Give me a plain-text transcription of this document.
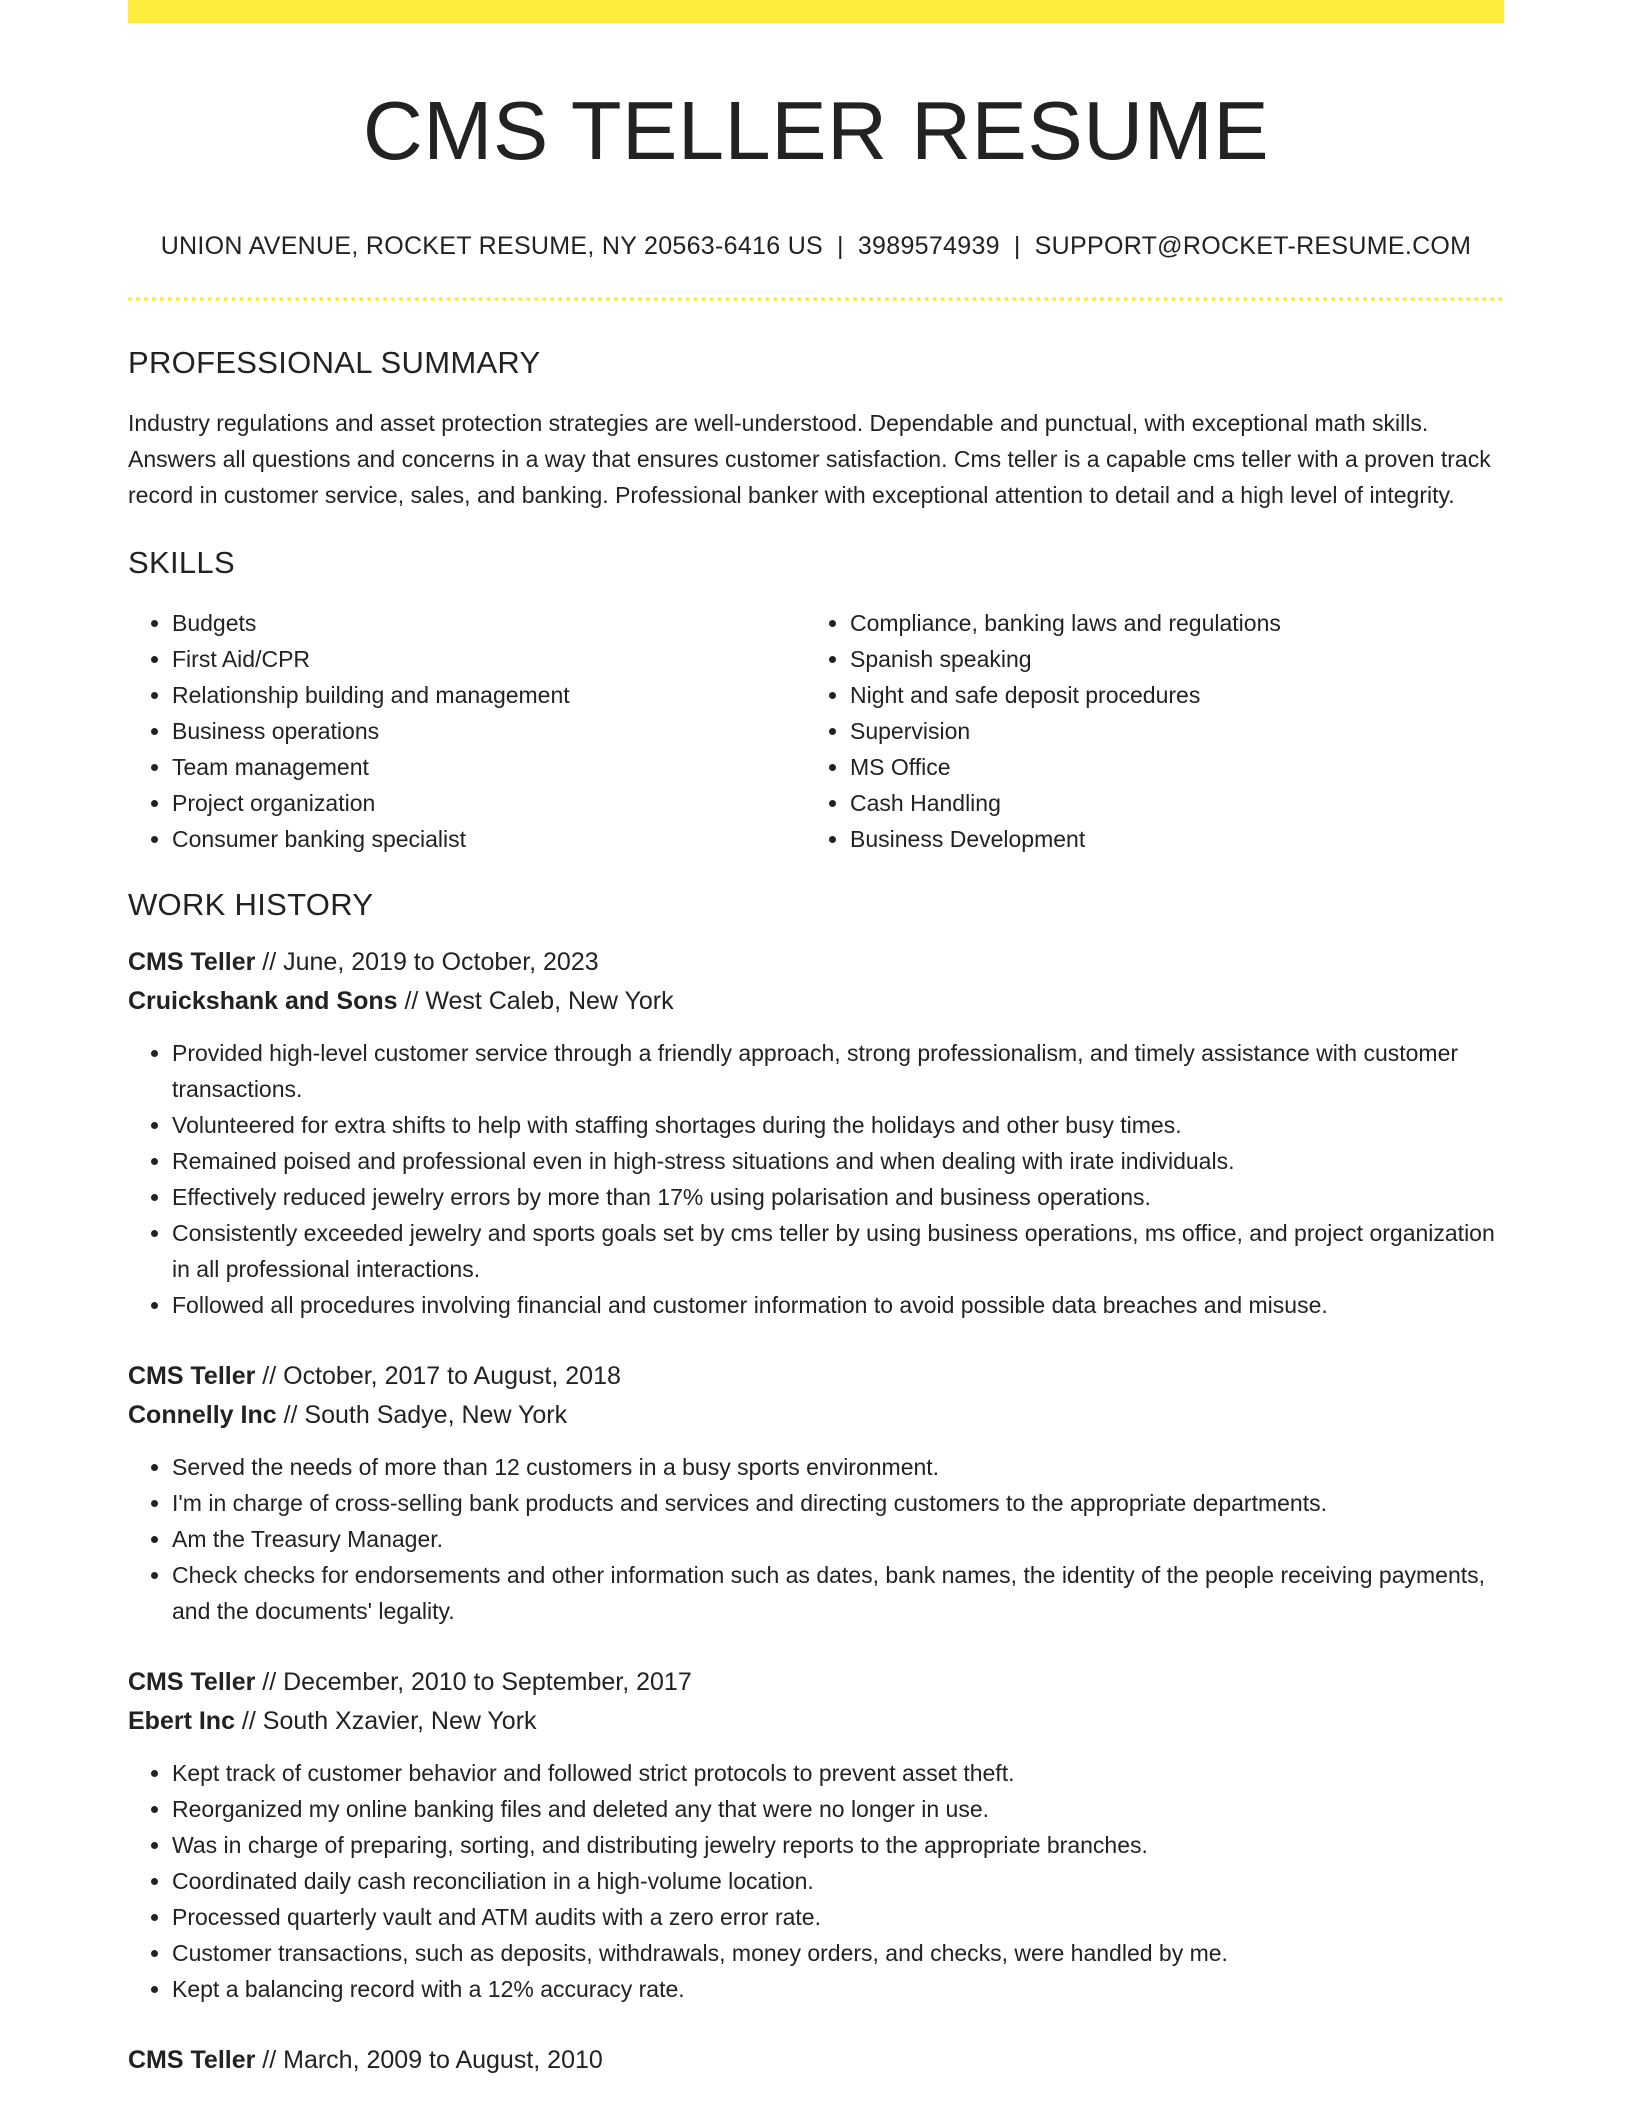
CMS TELLER RESUME
UNION AVENUE, ROCKET RESUME, NY 20563-6416 US | 3989574939 | SUPPORT@ROCKET-RESUME.COM
PROFESSIONAL SUMMARY
Industry regulations and asset protection strategies are well-understood. Dependable and punctual, with exceptional math skills. Answers all questions and concerns in a way that ensures customer satisfaction. Cms teller is a capable cms teller with a proven track record in customer service, sales, and banking. Professional banker with exceptional attention to detail and a high level of integrity.
SKILLS
• Budgets
• First Aid/CPR
• Relationship building and management
• Business operations
• Team management
• Project organization
• Consumer banking specialist
• Compliance, banking laws and regulations
• Spanish speaking
• Night and safe deposit procedures
• Supervision
• MS Office
• Cash Handling
• Business Development
WORK HISTORY
CMS Teller // June, 2019 to October, 2023
Cruickshank and Sons // West Caleb, New York
• Provided high-level customer service through a friendly approach, strong professionalism, and timely assistance with customer transactions.
• Volunteered for extra shifts to help with staffing shortages during the holidays and other busy times.
• Remained poised and professional even in high-stress situations and when dealing with irate individuals.
• Effectively reduced jewelry errors by more than 17% using polarisation and business operations.
• Consistently exceeded jewelry and sports goals set by cms teller by using business operations, ms office, and project organization in all professional interactions.
• Followed all procedures involving financial and customer information to avoid possible data breaches and misuse.
CMS Teller // October, 2017 to August, 2018
Connelly Inc // South Sadye, New York
• Served the needs of more than 12 customers in a busy sports environment.
• I'm in charge of cross-selling bank products and services and directing customers to the appropriate departments.
• Am the Treasury Manager.
• Check checks for endorsements and other information such as dates, bank names, the identity of the people receiving payments, and the documents' legality.
CMS Teller // December, 2010 to September, 2017
Ebert Inc // South Xzavier, New York
• Kept track of customer behavior and followed strict protocols to prevent asset theft.
• Reorganized my online banking files and deleted any that were no longer in use.
• Was in charge of preparing, sorting, and distributing jewelry reports to the appropriate branches.
• Coordinated daily cash reconciliation in a high-volume location.
• Processed quarterly vault and ATM audits with a zero error rate.
• Customer transactions, such as deposits, withdrawals, money orders, and checks, were handled by me.
• Kept a balancing record with a 12% accuracy rate.
CMS Teller // March, 2009 to August, 2010
